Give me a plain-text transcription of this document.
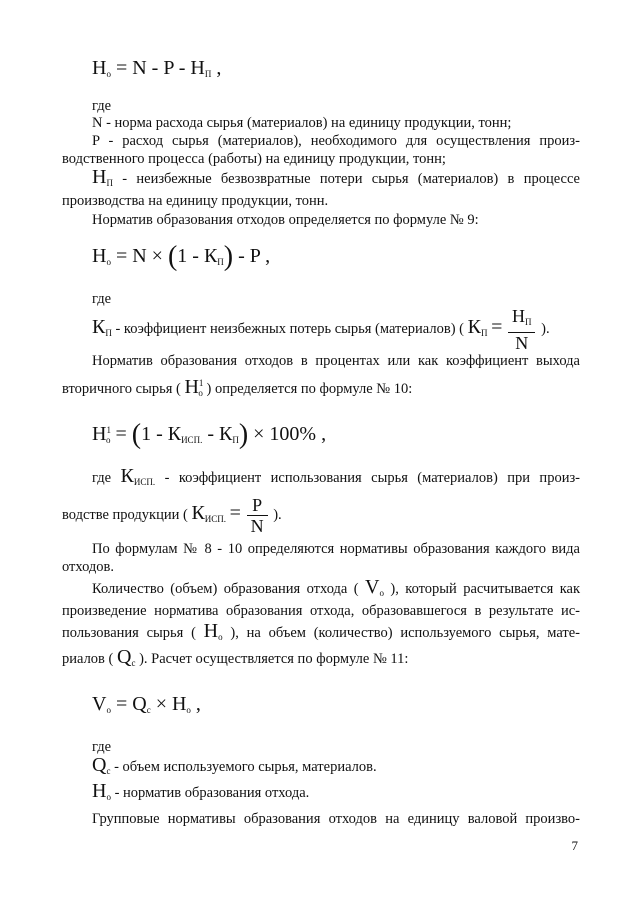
$Н_о = N - P - Н_П$ ,
где
N - норма расхода сырья (материалов) на единицу продукции, тонн;
P - расход сырья (материалов), необходимого для осуществления произ-
водственного процесса (работы) на единицу продукции, тонн;
$Н_П$ - неизбежные безвозвратные потери сырья (материалов) в процессе
производства на единицу продукции, тонн.
Норматив образования отходов определяется по формуле № 9:
$Н_о = N \times (1 - К_П) - P$ ,
где
$К_П$ - коэффициент неизбежных потерь сырья (материалов) ( $К_П = \frac{Н_П}{N}$ ).
Норматив образования отходов в процентах или как коэффициент выхода
вторичного сырья ( $Н^1_о$ ) определяется по формуле № 10:
$Н^1_о = (1 - К_{ИСП.} - К_П) \times 100\%$ ,
где $К_{ИСП.}$ - коэффициент использования сырья (материалов) при произ-
водстве продукции ( $К_{ИСП.} = \frac{P}{N}$ ).
По формулам № 8 - 10 определяются нормативы образования каждого вида
отходов.
Количество (объем) образования отхода ( $V_о$ ), который расчитывается как
произведение норматива образования отхода, образовавшегося в результате ис-
пользования сырья ( $Н_о$ ), на объем (количество) используемого сырья, мате-
риалов ( $Q_с$ ). Расчет осуществляется по формуле № 11:
$V_о = Q_с \times Н_о$ ,
где
$Q_с$ - объем используемого сырья, материалов.
$Н_о$ - норматив образования отхода.
Групповые нормативы образования отходов на единицу валовой произво-
7
